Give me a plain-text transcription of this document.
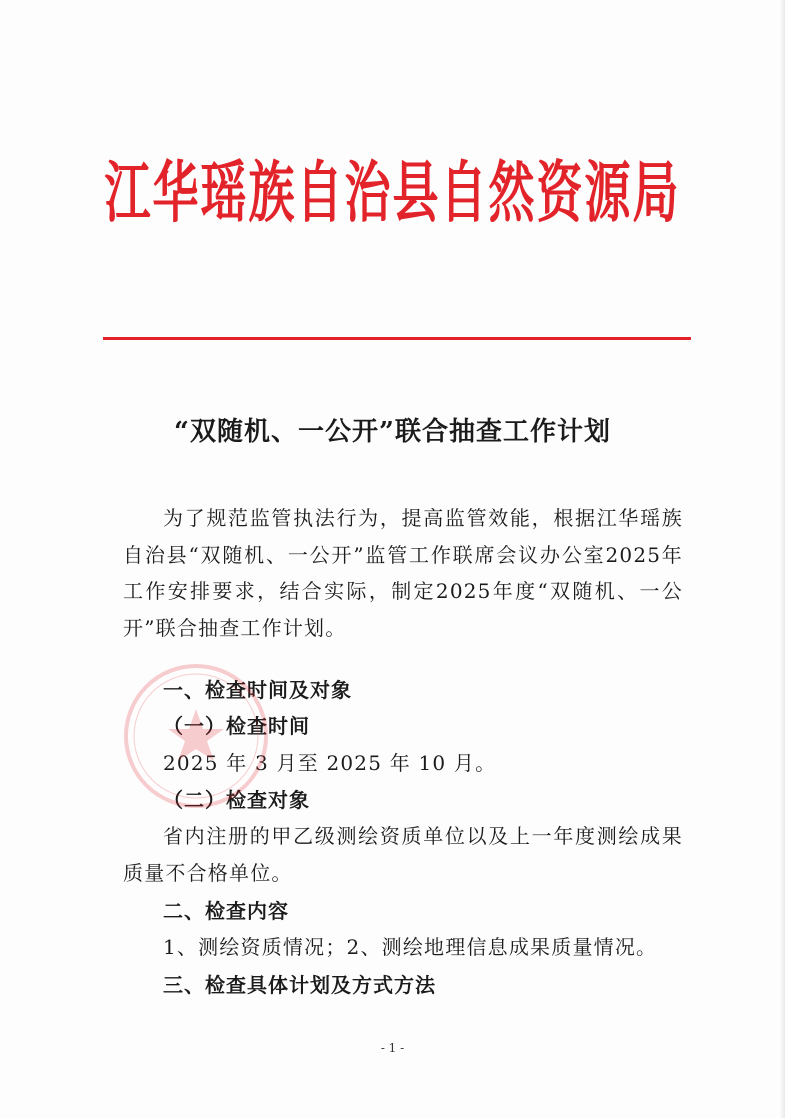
江华瑶族自治县自然资源局
“双随机、一公开”联合抽查工作计划
为了规范监管执法行为，提高监管效能，根据江华瑶族自治县“双随机、一公开”监管工作联席会议办公室2025年工作安排要求，结合实际，制定2025年度“双随机、一公开”联合抽查工作计划。
一、检查时间及对象
（一）检查时间
2025 年 3 月至 2025 年 10 月。
（二）检查对象
省内注册的甲乙级测绘资质单位以及上一年度测绘成果质量不合格单位。
二、检查内容
1、测绘资质情况；2、测绘地理信息成果质量情况。
三、检查具体计划及方式方法
- 1 -
